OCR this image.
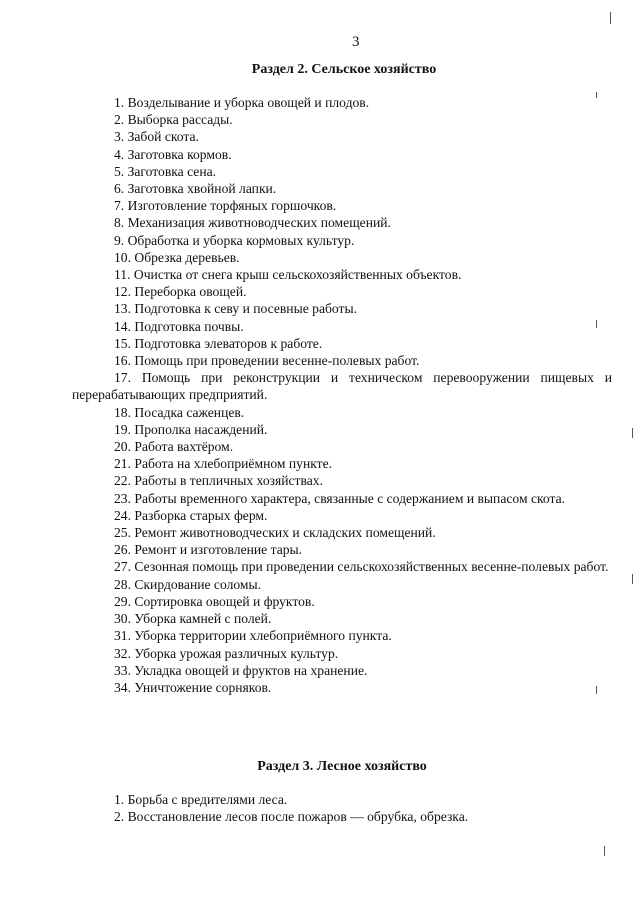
3
Раздел 2. Сельское хозяйство
1. Возделывание и уборка овощей и плодов.
2. Выборка рассады.
3. Забой скота.
4. Заготовка кормов.
5. Заготовка сена.
6. Заготовка хвойной лапки.
7. Изготовление торфяных горшочков.
8. Механизация животноводческих помещений.
9. Обработка и уборка кормовых культур.
10. Обрезка деревьев.
11. Очистка от снега крыш сельскохозяйственных объектов.
12. Переборка овощей.
13. Подготовка к севу и посевные работы.
14. Подготовка почвы.
15. Подготовка элеваторов к работе.
16. Помощь при проведении весенне-полевых работ.
17. Помощь при реконструкции и техническом перевооружении пищевых и перерабатывающих предприятий.
18. Посадка саженцев.
19. Прополка насаждений.
20. Работа вахтёром.
21. Работа на хлебоприёмном пункте.
22. Работы в тепличных хозяйствах.
23. Работы временного характера, связанные с содержанием и выпасом скота.
24. Разборка старых ферм.
25. Ремонт животноводческих и складских помещений.
26. Ремонт и изготовление тары.
27. Сезонная помощь при проведении сельскохозяйственных весенне-полевых работ.
28. Скирдование соломы.
29. Сортировка овощей и фруктов.
30. Уборка камней с полей.
31. Уборка территории хлебоприёмного пункта.
32. Уборка урожая различных культур.
33. Укладка овощей и фруктов на хранение.
34. Уничтожение сорняков.
Раздел 3. Лесное хозяйство
1. Борьба с вредителями леса.
2. Восстановление лесов после пожаров — обрубка, обрезка.
